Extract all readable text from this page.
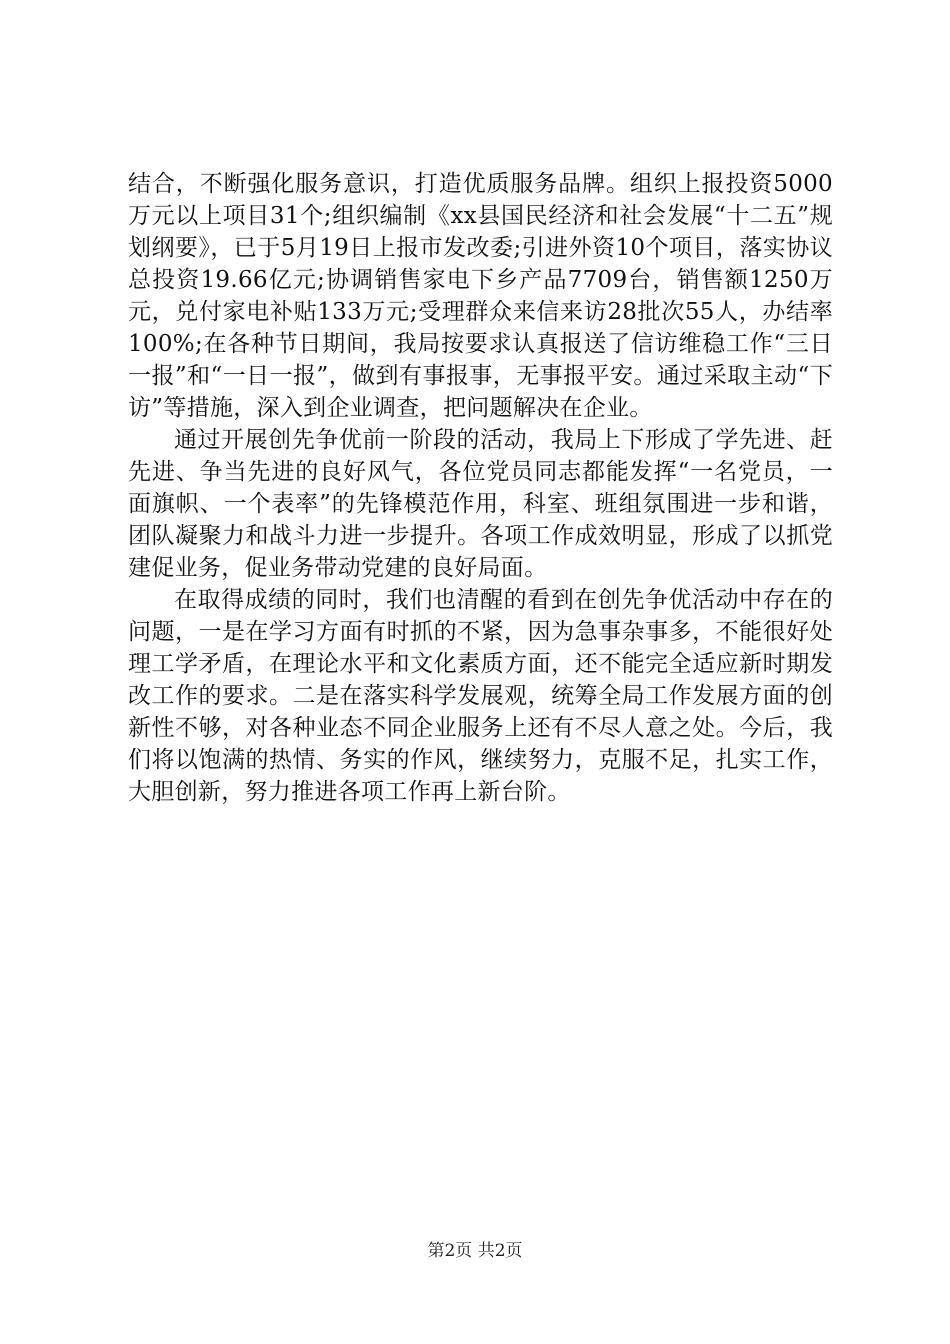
结合，不断强化服务意识，打造优质服务品牌。组织上报投资5000万元以上项目31个;组织编制《xx县国民经济和社会发展“十二五”规划纲要》，已于5月19日上报市发改委;引进外资10个项目，落实协议总投资19.66亿元;协调销售家电下乡产品7709台，销售额1250万元，兑付家电补贴133万元;受理群众来信来访28批次55人，办结率100%;在各种节日期间，我局按要求认真报送了信访维稳工作“三日一报”和“一日一报”，做到有事报事，无事报平安。通过采取主动“下访”等措施，深入到企业调查，把问题解决在企业。

通过开展创先争优前一阶段的活动，我局上下形成了学先进、赶先进、争当先进的良好风气，各位党员同志都能发挥“一名党员，一面旗帜、一个表率”的先锋模范作用，科室、班组氛围进一步和谐，团队凝聚力和战斗力进一步提升。各项工作成效明显，形成了以抓党建促业务，促业务带动党建的良好局面。

在取得成绩的同时，我们也清醒的看到在创先争优活动中存在的问题，一是在学习方面有时抓的不紧，因为急事杂事多，不能很好处理工学矛盾，在理论水平和文化素质方面，还不能完全适应新时期发改工作的要求。二是在落实科学发展观，统筹全局工作发展方面的创新性不够，对各种业态不同企业服务上还有不尽人意之处。今后，我们将以饱满的热情、务实的作风，继续努力，克服不足，扎实工作，大胆创新，努力推进各项工作再上新台阶。

第2页 共2页
